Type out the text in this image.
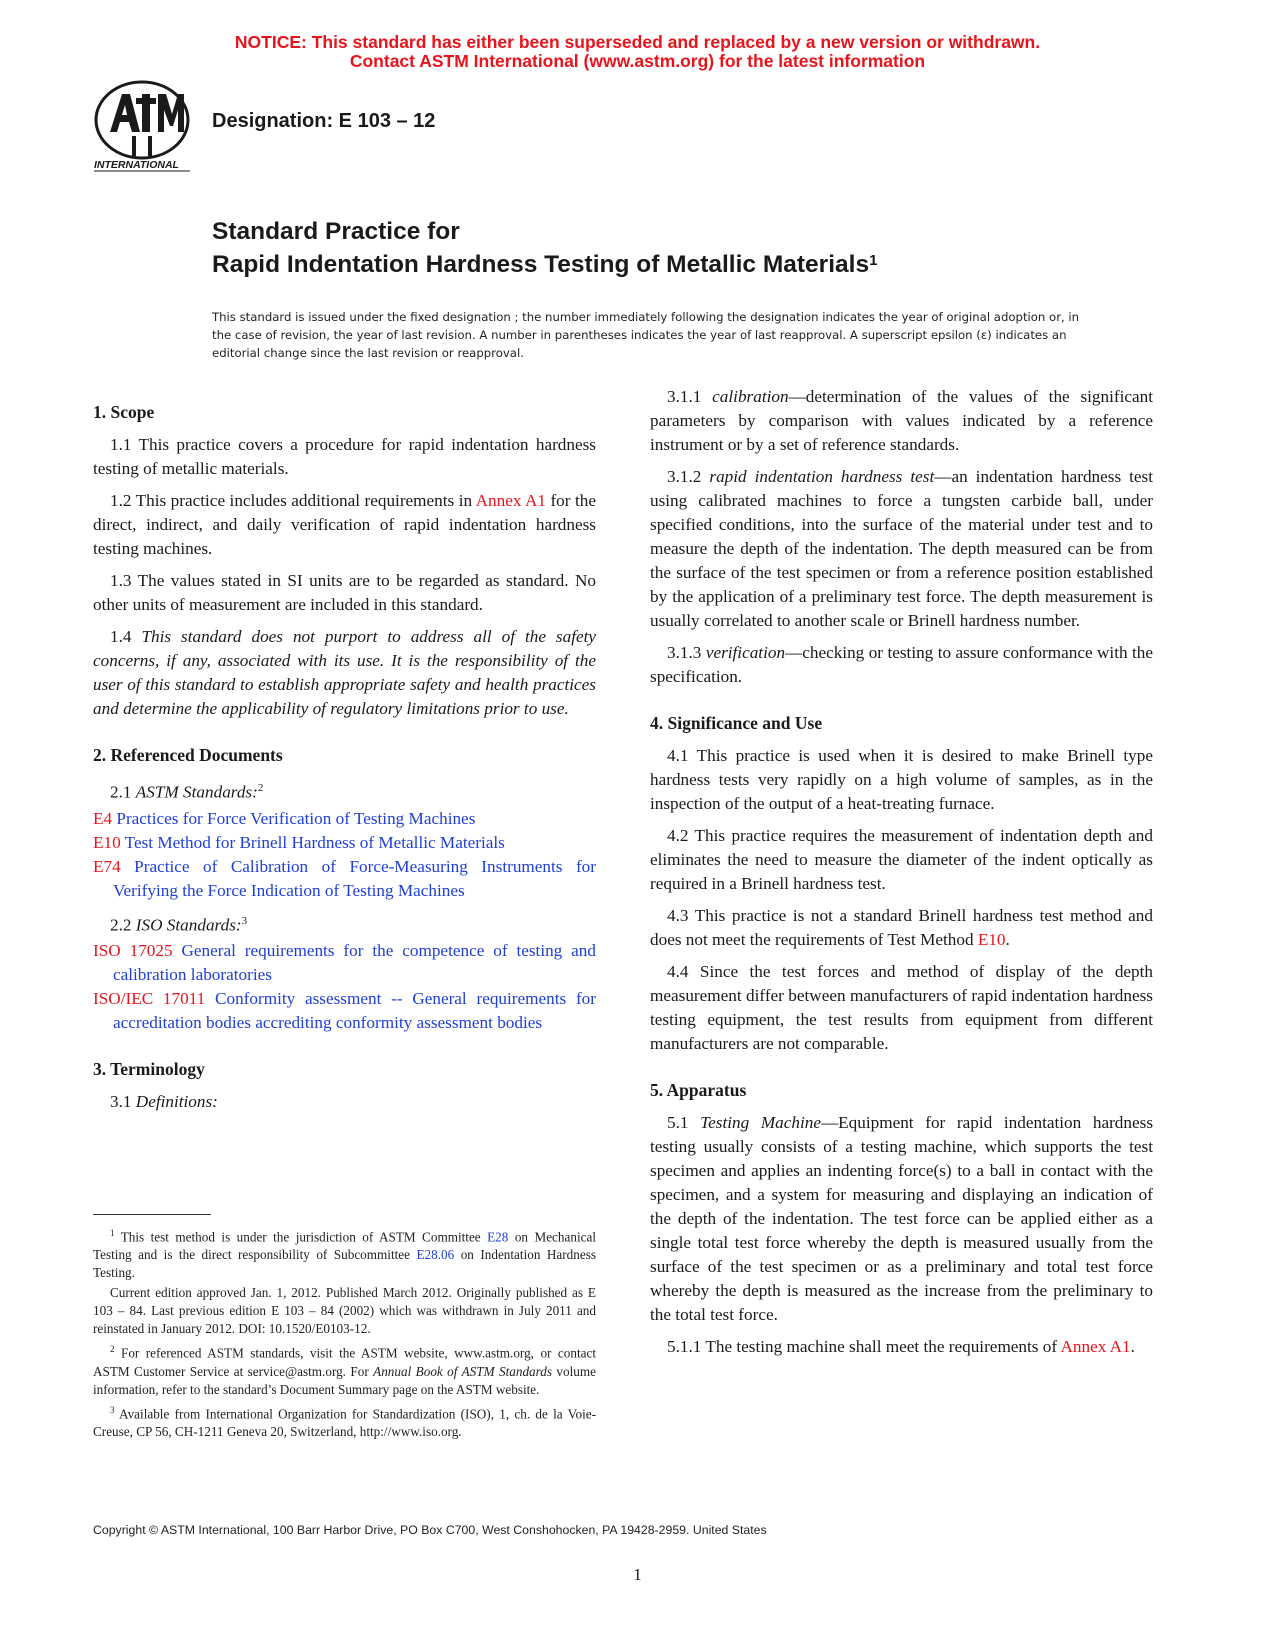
NOTICE: This standard has either been superseded and replaced by a new version or withdrawn.
Contact ASTM International (www.astm.org) for the latest information
INTERNATIONAL
Designation: E 103 – 12
Standard Practice for
Rapid Indentation Hardness Testing of Metallic Materials$^1$
This standard is issued under the fixed designation ; the number immediately following the designation indicates the year of original adoption or, in the case of revision, the year of last revision. A number in parentheses indicates the year of last reapproval. A superscript epsilon (ε) indicates an editorial change since the last revision or reapproval.
1. Scope

1.1 This practice covers a procedure for rapid indentation hardness testing of metallic materials.

1.2 This practice includes additional requirements in Annex A1 for the direct, indirect, and daily verification of rapid indentation hardness testing machines.

1.3 The values stated in SI units are to be regarded as standard. No other units of measurement are included in this standard.

1.4 This standard does not purport to address all of the safety concerns, if any, associated with its use. It is the responsibility of the user of this standard to establish appropriate safety and health practices and determine the applicability of regulatory limitations prior to use.

2. Referenced Documents

2.1 ASTM Standards:$^2$

E4 Practices for Force Verification of Testing Machines

E10 Test Method for Brinell Hardness of Metallic Materials

E74 Practice of Calibration of Force-Measuring Instruments for Verifying the Force Indication of Testing Machines

2.2 ISO Standards:$^3$

ISO 17025 General requirements for the competence of testing and calibration laboratories

ISO/IEC 17011 Conformity assessment -- General requirements for accreditation bodies accrediting conformity assessment bodies

3. Terminology

3.1 Definitions:

$^1$ This test method is under the jurisdiction of ASTM Committee E28 on Mechanical Testing and is the direct responsibility of Subcommittee E28.06 on Indentation Hardness Testing.

Current edition approved Jan. 1, 2012. Published March 2012. Originally published as E 103 – 84. Last previous edition E 103 – 84 (2002) which was withdrawn in July 2011 and reinstated in January 2012. DOI: 10.1520/E0103-12.

$^2$ For referenced ASTM standards, visit the ASTM website, www.astm.org, or contact ASTM Customer Service at service@astm.org. For Annual Book of ASTM Standards volume information, refer to the standard’s Document Summary page on the ASTM website.

$^3$ Available from International Organization for Standardization (ISO), 1, ch. de la Voie-Creuse, CP 56, CH-1211 Geneva 20, Switzerland, http://www.iso.org.

3.1.1 calibration—determination of the values of the significant parameters by comparison with values indicated by a reference instrument or by a set of reference standards.

3.1.2 rapid indentation hardness test—an indentation hardness test using calibrated machines to force a tungsten carbide ball, under specified conditions, into the surface of the material under test and to measure the depth of the indentation. The depth measured can be from the surface of the test specimen or from a reference position established by the application of a preliminary test force. The depth measurement is usually correlated to another scale or Brinell hardness number.

3.1.3 verification—checking or testing to assure conformance with the specification.

4. Significance and Use

4.1 This practice is used when it is desired to make Brinell type hardness tests very rapidly on a high volume of samples, as in the inspection of the output of a heat-treating furnace.

4.2 This practice requires the measurement of indentation depth and eliminates the need to measure the diameter of the indent optically as required in a Brinell hardness test.

4.3 This practice is not a standard Brinell hardness test method and does not meet the requirements of Test Method E10.

4.4 Since the test forces and method of display of the depth measurement differ between manufacturers of rapid indentation hardness testing equipment, the test results from equipment from different manufacturers are not comparable.

5. Apparatus

5.1 Testing Machine—Equipment for rapid indentation hardness testing usually consists of a testing machine, which supports the test specimen and applies an indenting force(s) to a ball in contact with the specimen, and a system for measuring and displaying an indication of the depth of the indentation. The test force can be applied either as a single total test force whereby the depth is measured usually from the surface of the test specimen or as a preliminary and total test force whereby the depth is measured as the increase from the preliminary to the total test force.

5.1.1 The testing machine shall meet the requirements of Annex A1.

Copyright © ASTM International, 100 Barr Harbor Drive, PO Box C700, West Conshohocken, PA 19428-2959. United States
1
